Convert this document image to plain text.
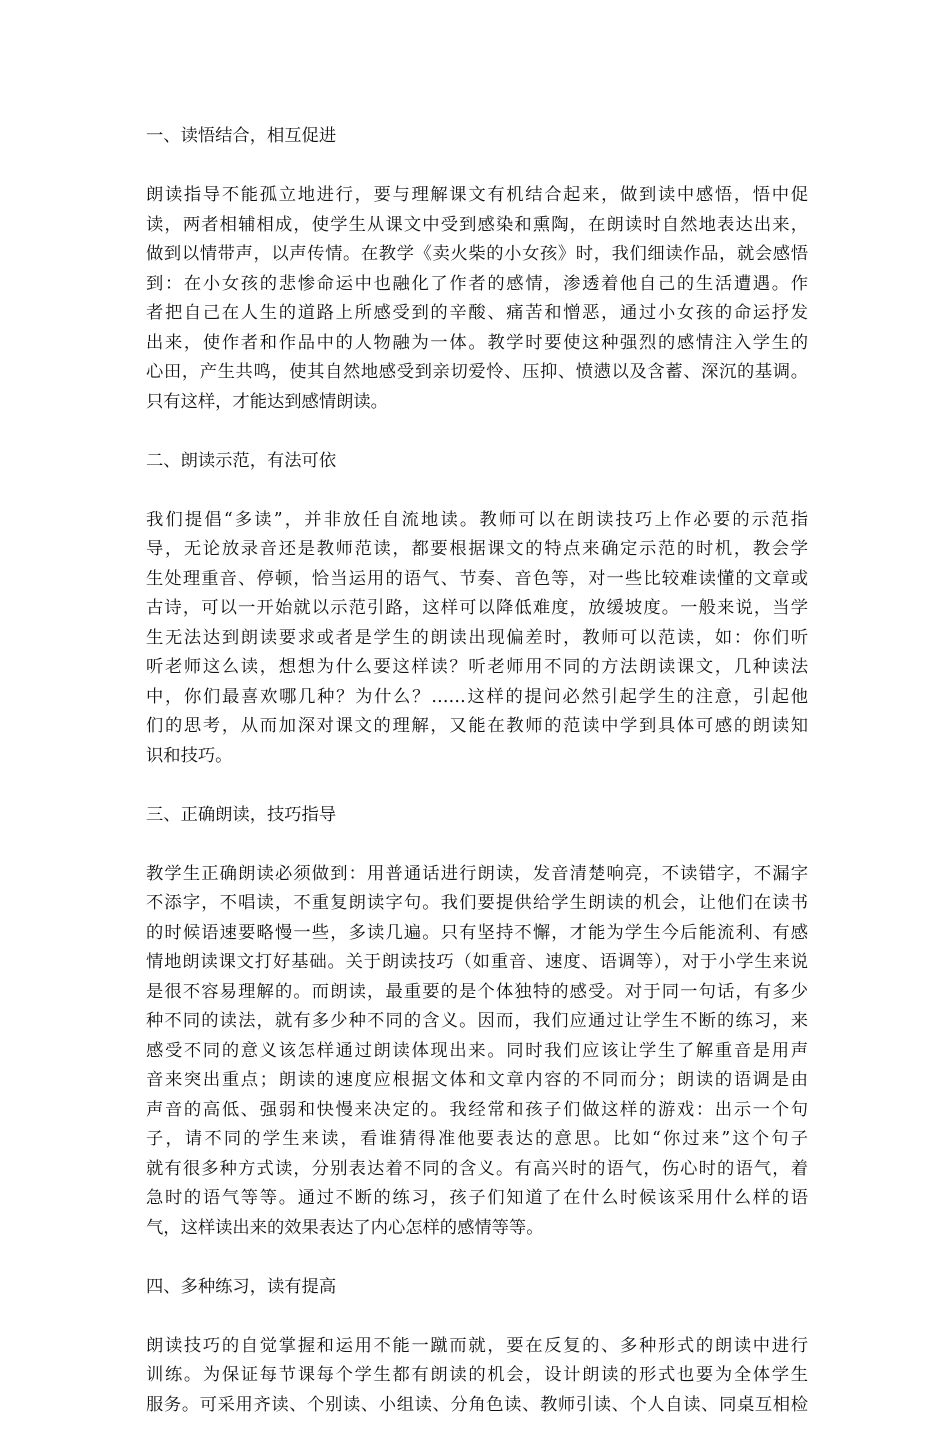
一、读悟结合，相互促进
朗读指导不能孤立地进行，要与理解课文有机结合起来，做到读中感悟，悟中促
读，两者相辅相成，使学生从课文中受到感染和熏陶，在朗读时自然地表达出来，
做到以情带声，以声传情。在教学《卖火柴的小女孩》时，我们细读作品，就会感悟
到：在小女孩的悲惨命运中也融化了作者的感情，渗透着他自己的生活遭遇。作
者把自己在人生的道路上所感受到的辛酸、痛苦和憎恶，通过小女孩的命运抒发
出来，使作者和作品中的人物融为一体。教学时要使这种强烈的感情注入学生的
心田，产生共鸣，使其自然地感受到亲切爱怜、压抑、愤懑以及含蓄、深沉的基调。
只有这样，才能达到感情朗读。
二、朗读示范，有法可依
我们提倡“多读”，并非放任自流地读。教师可以在朗读技巧上作必要的示范指
导，无论放录音还是教师范读，都要根据课文的特点来确定示范的时机，教会学
生处理重音、停顿，恰当运用的语气、节奏、音色等，对一些比较难读懂的文章或
古诗，可以一开始就以示范引路，这样可以降低难度，放缓坡度。一般来说，当学
生无法达到朗读要求或者是学生的朗读出现偏差时，教师可以范读，如：你们听
听老师这么读，想想为什么要这样读？听老师用不同的方法朗读课文，几种读法
中，你们最喜欢哪几种？为什么？……这样的提问必然引起学生的注意，引起他
们的思考，从而加深对课文的理解，又能在教师的范读中学到具体可感的朗读知
识和技巧。
三、正确朗读，技巧指导
教学生正确朗读必须做到：用普通话进行朗读，发音清楚响亮，不读错字，不漏字
不添字，不唱读，不重复朗读字句。我们要提供给学生朗读的机会，让他们在读书
的时候语速要略慢一些，多读几遍。只有坚持不懈，才能为学生今后能流利、有感
情地朗读课文打好基础。关于朗读技巧（如重音、速度、语调等），对于小学生来说
是很不容易理解的。而朗读，最重要的是个体独特的感受。对于同一句话，有多少
种不同的读法，就有多少种不同的含义。因而，我们应通过让学生不断的练习，来
感受不同的意义该怎样通过朗读体现出来。同时我们应该让学生了解重音是用声
音来突出重点；朗读的速度应根据文体和文章内容的不同而分；朗读的语调是由
声音的高低、强弱和快慢来决定的。我经常和孩子们做这样的游戏：出示一个句
子，请不同的学生来读，看谁猜得准他要表达的意思。比如“你过来”这个句子
就有很多种方式读，分别表达着不同的含义。有高兴时的语气，伤心时的语气，着
急时的语气等等。通过不断的练习，孩子们知道了在什么时候该采用什么样的语
气，这样读出来的效果表达了内心怎样的感情等等。
四、多种练习，读有提高
朗读技巧的自觉掌握和运用不能一蹴而就，要在反复的、多种形式的朗读中进行
训练。为保证每节课每个学生都有朗读的机会，设计朗读的形式也要为全体学生
服务。可采用齐读、个别读、小组读、分角色读、教师引读、个人自读、同桌互相检
